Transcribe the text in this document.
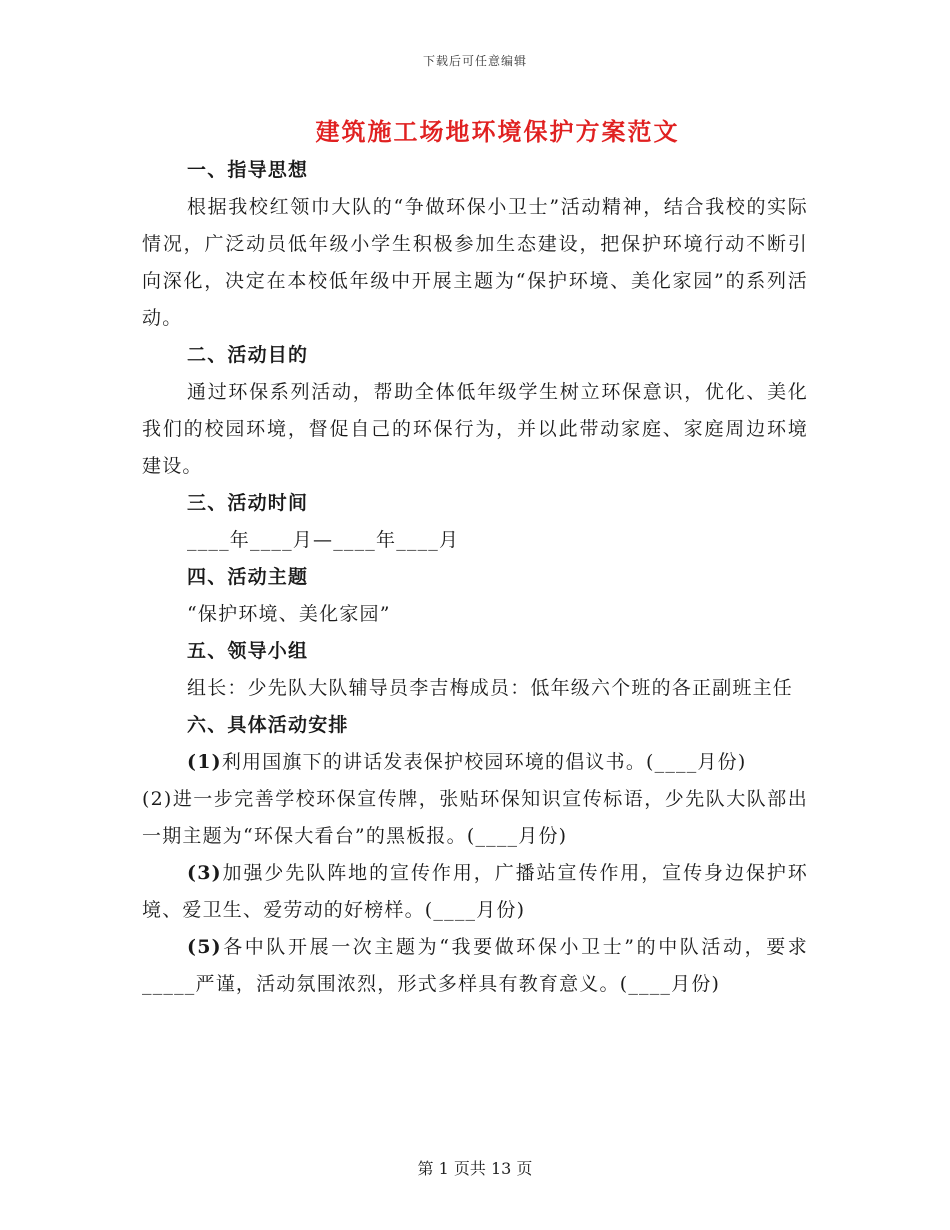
下载后可任意编辑
建筑施工场地环境保护方案范文

一、指导思想

根据我校红领巾大队的“争做环保小卫士”活动精神，结合我校的实际情况，广泛动员低年级小学生积极参加生态建设，把保护环境行动不断引向深化，决定在本校低年级中开展主题为“保护环境、美化家园”的系列活动。

二、活动目的

通过环保系列活动，帮助全体低年级学生树立环保意识，优化、美化我们的校园环境，督促自己的环保行为，并以此带动家庭、家庭周边环境建设。

三、活动时间

____年____月—____年____月

四、活动主题

“保护环境、美化家园”

五、领导小组

组长：少先队大队辅导员李吉梅成员：低年级六个班的各正副班主任

六、具体活动安排

(1)利用国旗下的讲话发表保护校园环境的倡议书。(____月份)

(2)进一步完善学校环保宣传牌，张贴环保知识宣传标语，少先队大队部出一期主题为“环保大看台”的黑板报。(____月份)

(3)加强少先队阵地的宣传作用，广播站宣传作用，宣传身边保护环境、爱卫生、爱劳动的好榜样。(____月份)

(5)各中队开展一次主题为“我要做环保小卫士”的中队活动，要求_____严谨，活动氛围浓烈，形式多样具有教育意义。(____月份)

第 1 页共 13 页
